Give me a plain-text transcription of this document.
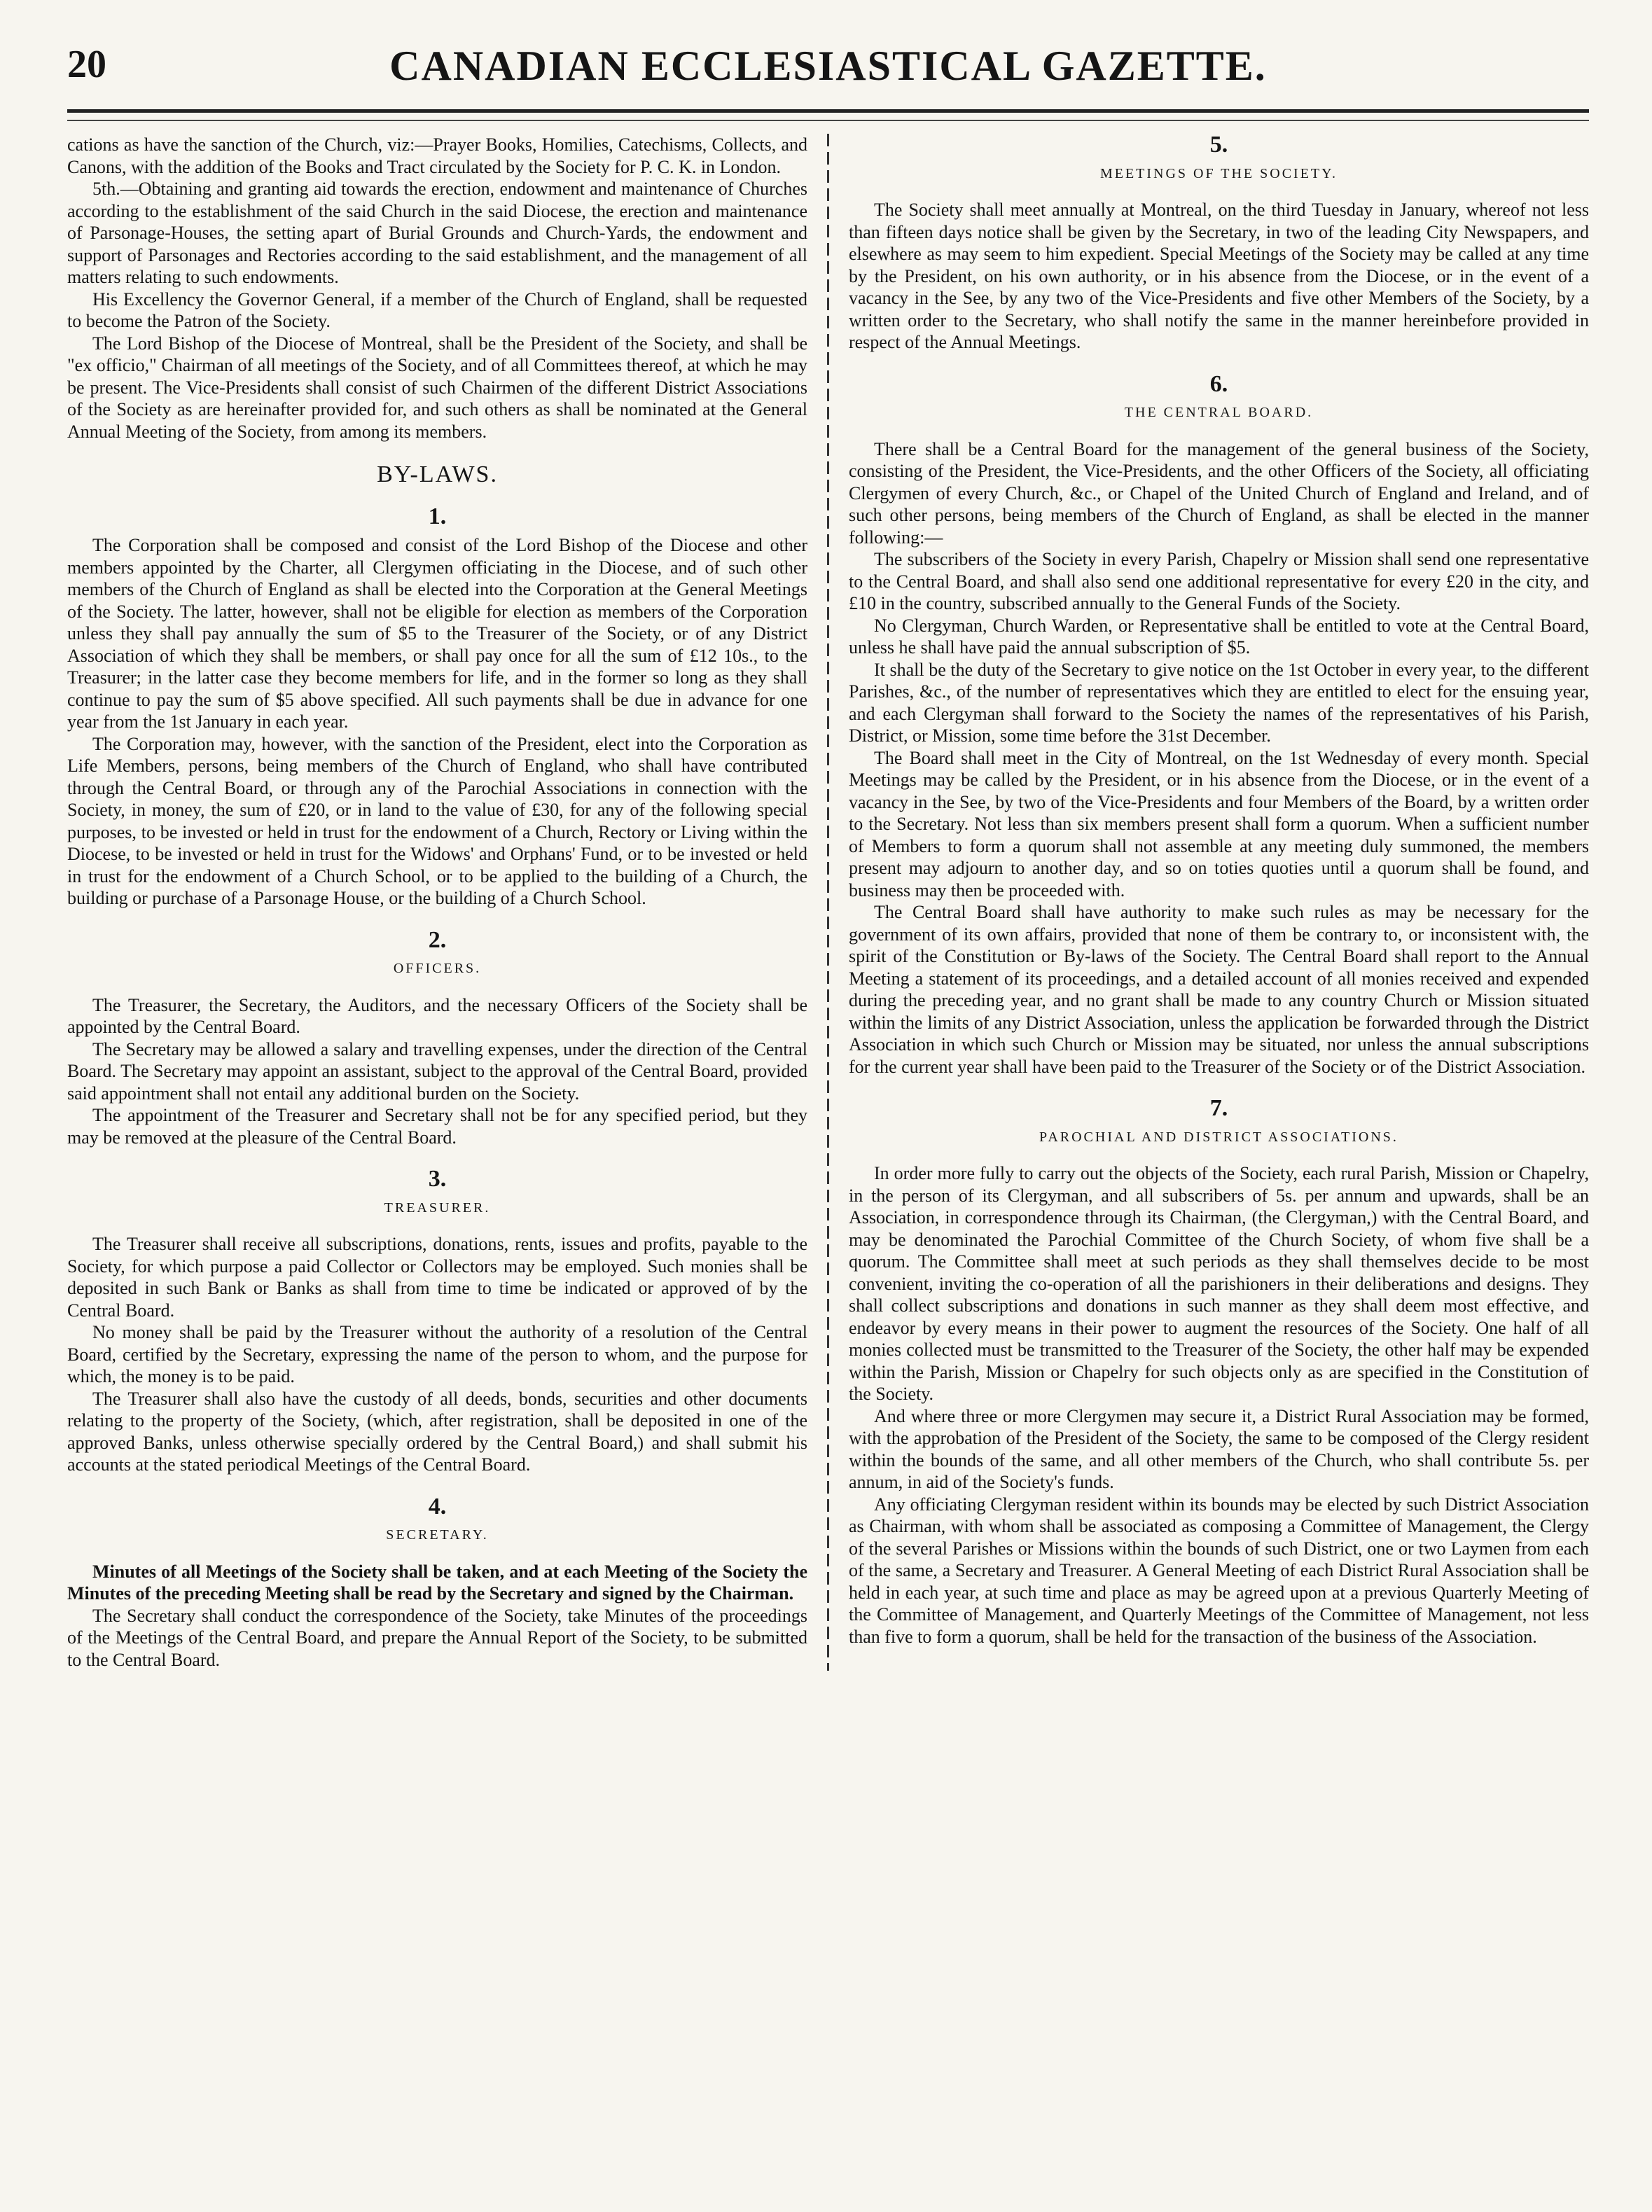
20	CANADIAN ECCLESIASTICAL GAZETTE.

cations as have the sanction of the Church, viz:—Prayer Books, Homilies, Catechisms, Collects, and Canons, with the addition of the Books and Tract circulated by the Society for P. C. K. in London.

5th.—Obtaining and granting aid towards the erection, endowment and maintenance of Churches according to the establishment of the said Church in the said Diocese, the erection and maintenance of Parsonage-Houses, the setting apart of Burial Grounds and Church-Yards, the endowment and support of Parsonages and Rectories according to the said establishment, and the management of all matters relating to such endowments.

His Excellency the Governor General, if a member of the Church of England, shall be requested to become the Patron of the Society.

The Lord Bishop of the Diocese of Montreal, shall be the President of the Society, and shall be "ex officio," Chairman of all meetings of the Society, and of all Committees thereof, at which he may be present. The Vice-Presidents shall consist of such Chairmen of the different District Associations of the Society as are hereinafter provided for, and such others as shall be nominated at the General Annual Meeting of the Society, from among its members.

BY-LAWS.
1.

The Corporation shall be composed and consist of the Lord Bishop of the Diocese and other members appointed by the Charter, all Clergymen officiating in the Diocese, and of such other members of the Church of England as shall be elected into the Corporation at the General Meetings of the Society. The latter, however, shall not be eligible for election as members of the Corporation unless they shall pay annually the sum of $5 to the Treasurer of the Society, or of any District Association of which they shall be members, or shall pay once for all the sum of £12 10s., to the Treasurer; in the latter case they become members for life, and in the former so long as they shall continue to pay the sum of $5 above specified. All such payments shall be due in advance for one year from the 1st January in each year.

The Corporation may, however, with the sanction of the President, elect into the Corporation as Life Members, persons, being members of the Church of England, who shall have contributed through the Central Board, or through any of the Parochial Associations in connection with the Society, in money, the sum of £20, or in land to the value of £30, for any of the following special purposes, to be invested or held in trust for the endowment of a Church, Rectory or Living within the Diocese, to be invested or held in trust for the Widows' and Orphans' Fund, or to be invested or held in trust for the endowment of a Church School, or to be applied to the building of a Church, the building or purchase of a Parsonage House, or the building of a Church School.

2.
OFFICERS.

The Treasurer, the Secretary, the Auditors, and the necessary Officers of the Society shall be appointed by the Central Board.

The Secretary may be allowed a salary and travelling expenses, under the direction of the Central Board. The Secretary may appoint an assistant, subject to the approval of the Central Board, provided said appointment shall not entail any additional burden on the Society.

The appointment of the Treasurer and Secretary shall not be for any specified period, but they may be removed at the pleasure of the Central Board.

3.
TREASURER.

The Treasurer shall receive all subscriptions, donations, rents, issues and profits, payable to the Society, for which purpose a paid Collector or Collectors may be employed. Such monies shall be deposited in such Bank or Banks as shall from time to time be indicated or approved of by the Central Board.

No money shall be paid by the Treasurer without the authority of a resolution of the Central Board, certified by the Secretary, expressing the name of the person to whom, and the purpose for which, the money is to be paid.

The Treasurer shall also have the custody of all deeds, bonds, securities and other documents relating to the property of the Society, (which, after registration, shall be deposited in one of the approved Banks, unless otherwise specially ordered by the Central Board,) and shall submit his accounts at the stated periodical Meetings of the Central Board.

4.
SECRETARY.

Minutes of all Meetings of the Society shall be taken, and at each Meeting of the Society the Minutes of the preceding Meeting shall be read by the Secretary and signed by the Chairman.

The Secretary shall conduct the correspondence of the Society, take Minutes of the proceedings of the Meetings of the Central Board, and prepare the Annual Report of the Society, to be submitted to the Central Board.

5.
MEETINGS OF THE SOCIETY.

The Society shall meet annually at Montreal, on the third Tuesday in January, whereof not less than fifteen days notice shall be given by the Secretary, in two of the leading City Newspapers, and elsewhere as may seem to him expedient. Special Meetings of the Society may be called at any time by the President, on his own authority, or in his absence from the Diocese, or in the event of a vacancy in the See, by any two of the Vice-Presidents and five other Members of the Society, by a written order to the Secretary, who shall notify the same in the manner hereinbefore provided in respect of the Annual Meetings.

6.
THE CENTRAL BOARD.

There shall be a Central Board for the management of the general business of the Society, consisting of the President, the Vice-Presidents, and the other Officers of the Society, all officiating Clergymen of every Church, &c., or Chapel of the United Church of England and Ireland, and of such other persons, being members of the Church of England, as shall be elected in the manner following:—

The subscribers of the Society in every Parish, Chapelry or Mission shall send one representative to the Central Board, and shall also send one additional representative for every £20 in the city, and £10 in the country, subscribed annually to the General Funds of the Society.

No Clergyman, Church Warden, or Representative shall be entitled to vote at the Central Board, unless he shall have paid the annual subscription of $5.

It shall be the duty of the Secretary to give notice on the 1st October in every year, to the different Parishes, &c., of the number of representatives which they are entitled to elect for the ensuing year, and each Clergyman shall forward to the Society the names of the representatives of his Parish, District, or Mission, some time before the 31st December.

The Board shall meet in the City of Montreal, on the 1st Wednesday of every month. Special Meetings may be called by the President, or in his absence from the Diocese, or in the event of a vacancy in the See, by two of the Vice-Presidents and four Members of the Board, by a written order to the Secretary. Not less than six members present shall form a quorum. When a sufficient number of Members to form a quorum shall not assemble at any meeting duly summoned, the members present may adjourn to another day, and so on toties quoties until a quorum shall be found, and business may then be proceeded with.

The Central Board shall have authority to make such rules as may be necessary for the government of its own affairs, provided that none of them be contrary to, or inconsistent with, the spirit of the Constitution or By-laws of the Society. The Central Board shall report to the Annual Meeting a statement of its proceedings, and a detailed account of all monies received and expended during the preceding year, and no grant shall be made to any country Church or Mission situated within the limits of any District Association, unless the application be forwarded through the District Association in which such Church or Mission may be situated, nor unless the annual subscriptions for the current year shall have been paid to the Treasurer of the Society or of the District Association.

7.
PAROCHIAL AND DISTRICT ASSOCIATIONS.

In order more fully to carry out the objects of the Society, each rural Parish, Mission or Chapelry, in the person of its Clergyman, and all subscribers of 5s. per annum and upwards, shall be an Association, in correspondence through its Chairman, (the Clergyman,) with the Central Board, and may be denominated the Parochial Committee of the Church Society, of whom five shall be a quorum. The Committee shall meet at such periods as they shall themselves decide to be most convenient, inviting the co-operation of all the parishioners in their deliberations and designs. They shall collect subscriptions and donations in such manner as they shall deem most effective, and endeavor by every means in their power to augment the resources of the Society. One half of all monies collected must be transmitted to the Treasurer of the Society, the other half may be expended within the Parish, Mission or Chapelry for such objects only as are specified in the Constitution of the Society.

And where three or more Clergymen may secure it, a District Rural Association may be formed, with the approbation of the President of the Society, the same to be composed of the Clergy resident within the bounds of the same, and all other members of the Church, who shall contribute 5s. per annum, in aid of the Society's funds.

Any officiating Clergyman resident within its bounds may be elected by such District Association as Chairman, with whom shall be associated as composing a Committee of Management, the Clergy of the several Parishes or Missions within the bounds of such District, one or two Laymen from each of the same, a Secretary and Treasurer. A General Meeting of each District Rural Association shall be held in each year, at such time and place as may be agreed upon at a previous Quarterly Meeting of the Committee of Management, and Quarterly Meetings of the Committee of Management, not less than five to form a quorum, shall be held for the transaction of the business of the Association.
